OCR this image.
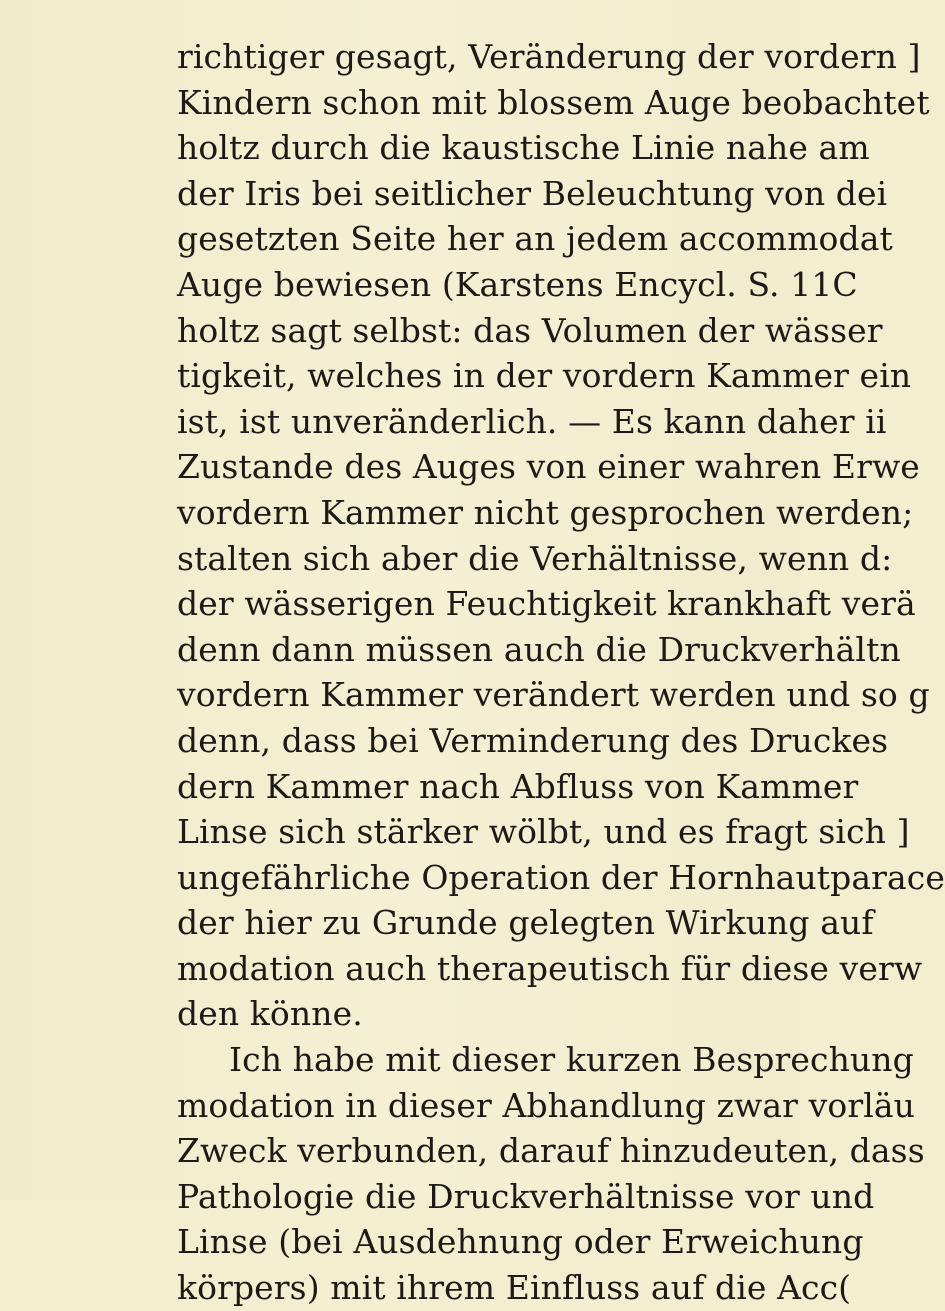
richtiger gesagt, Veränderung der vordern ]
Kindern schon mit blossem Auge beobachtet
holtz durch die kaustische Linie nahe am
der Iris bei seitlicher Beleuchtung von dei
gesetzten Seite her an jedem accommodat
Auge bewiesen (Karstens Encycl. S. 11C
holtz sagt selbst: das Volumen der wässer
tigkeit, welches in der vordern Kammer ein
ist, ist unveränderlich. — Es kann daher ii
Zustande des Auges von einer wahren Erwe
vordern Kammer nicht gesprochen werden;
stalten sich aber die Verhältnisse, wenn d:
der wässerigen Feuchtigkeit krankhaft verä
denn dann müssen auch die Druckverhältn
vordern Kammer verändert werden und so g
denn, dass bei Verminderung des Druckes
dern Kammer nach Abfluss von Kammer
Linse sich stärker wölbt, und es fragt sich ]
ungefährliche Operation der Hornhautparace
der hier zu Grunde gelegten Wirkung auf
modation auch therapeutisch für diese verw
den könne.
Ich habe mit dieser kurzen Besprechung
modation in dieser Abhandlung zwar vorläu
Zweck verbunden, darauf hinzudeuten, dass
Pathologie die Druckverhältnisse vor und
Linse (bei Ausdehnung oder Erweichung
körpers) mit ihrem Einfluss auf die Acc(
